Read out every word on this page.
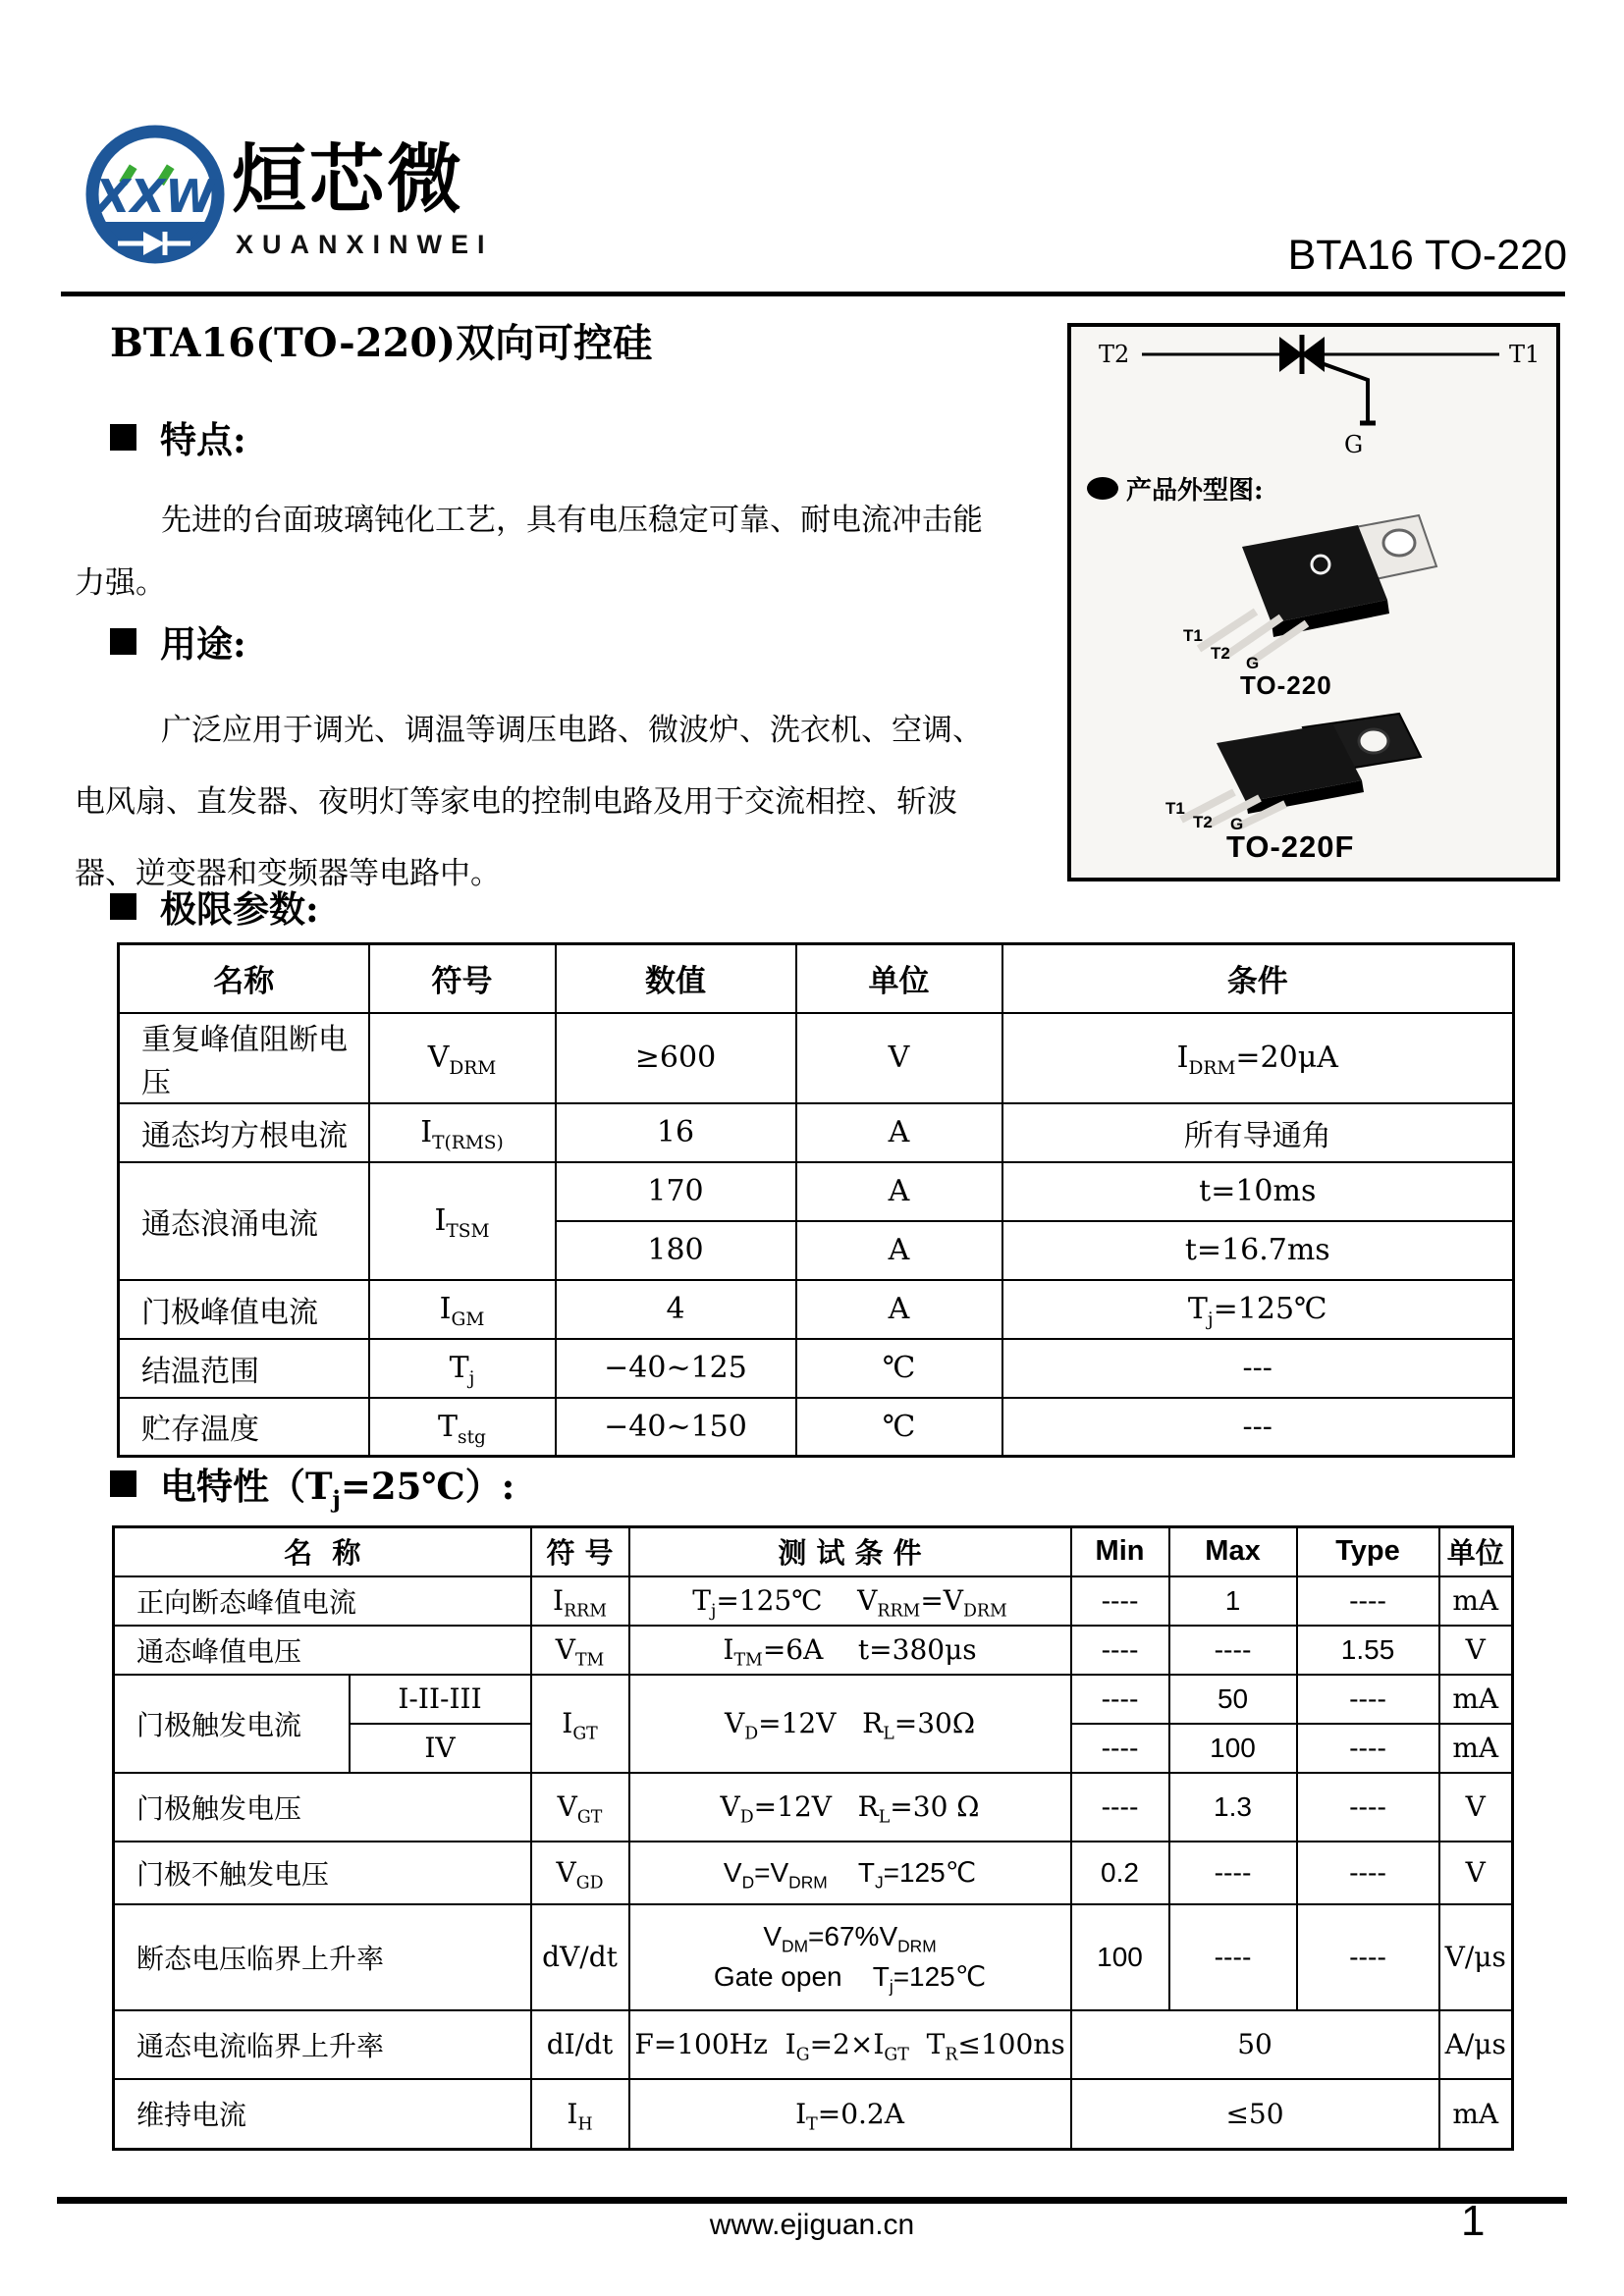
XXW 烜芯微
XUANXINWEI	BTA16 TO-220
BTA16(TO-220)双向可控硅	T2
G
T1
产品外型图:
T1
T2
G
TO-220
T1
T2 G
TO-220F
特点:
先进的台面玻璃钝化工艺，具有电压稳定可靠、耐电流冲击能
力强。
用途:
广泛应用于调光、调温等调压电路、微波炉、洗衣机、空调、
电风扇、直发器、夜明灯等家电的控制电路及用于交流相控、斩波
器、逆变器和变频器等电路中。
极限参数:
名称	符号	数值	单位	条件
重复峰值阻断电压	$V_{DRM}$	≥600	V	$I_{DRM}=20\mu A$
通态均方根电流	$I_{T(RMS)}$	16	A	所有导通角
通态浪涌电流	$I_{TSM}$	170	A	t=10ms
		180	A	t=16.7ms
门极峰值电流	$I_{GM}$	4	A	$T_j=125℃$
结温范围	$T_j$	−40~125	℃	---
贮存温度	$T_{stg}$	−40~150	℃	---
电特性$(T_j=25℃)$:
名  称		符 号	测 试 条 件	Min	Max	Type	单位
正向断态峰值电流		$I_{RRM}$	$T_j=125℃$    $V_{RRM}=V_{DRM}$	----	1	----	mA
通态峰值电压		$V_{TM}$	$I_{TM}=6A$    t=380μs	----	----	1.55	V
门极触发电流	I-II-III	$I_{GT}$	$V_D=12V$   $R_L=30\Omega$	----	50	----	mA
	IV			----	100	----	mA
门极触发电压		$V_{GT}$	$V_D=12V$   $R_L=30$ Ω	----	1.3	----	V
门极不触发电压		$V_{GD}$	$V_D=V_{DRM}$    $T_J=125℃$	0.2	----	----	V
断态电压临界上升率		dV/dt	$V_{DM}=67\%V_{DRM}$
Gate open    $T_j=125℃$	100	----	----	V/μs
通态电流临界上升率		dI/dt	F=100Hz  $I_G=2\times I_{GT}$  $T_R\le 100ns$	50			A/μs
维持电流		$I_H$	$I_T=0.2A$	≤50			mA
www.ejiguan.cn	1
